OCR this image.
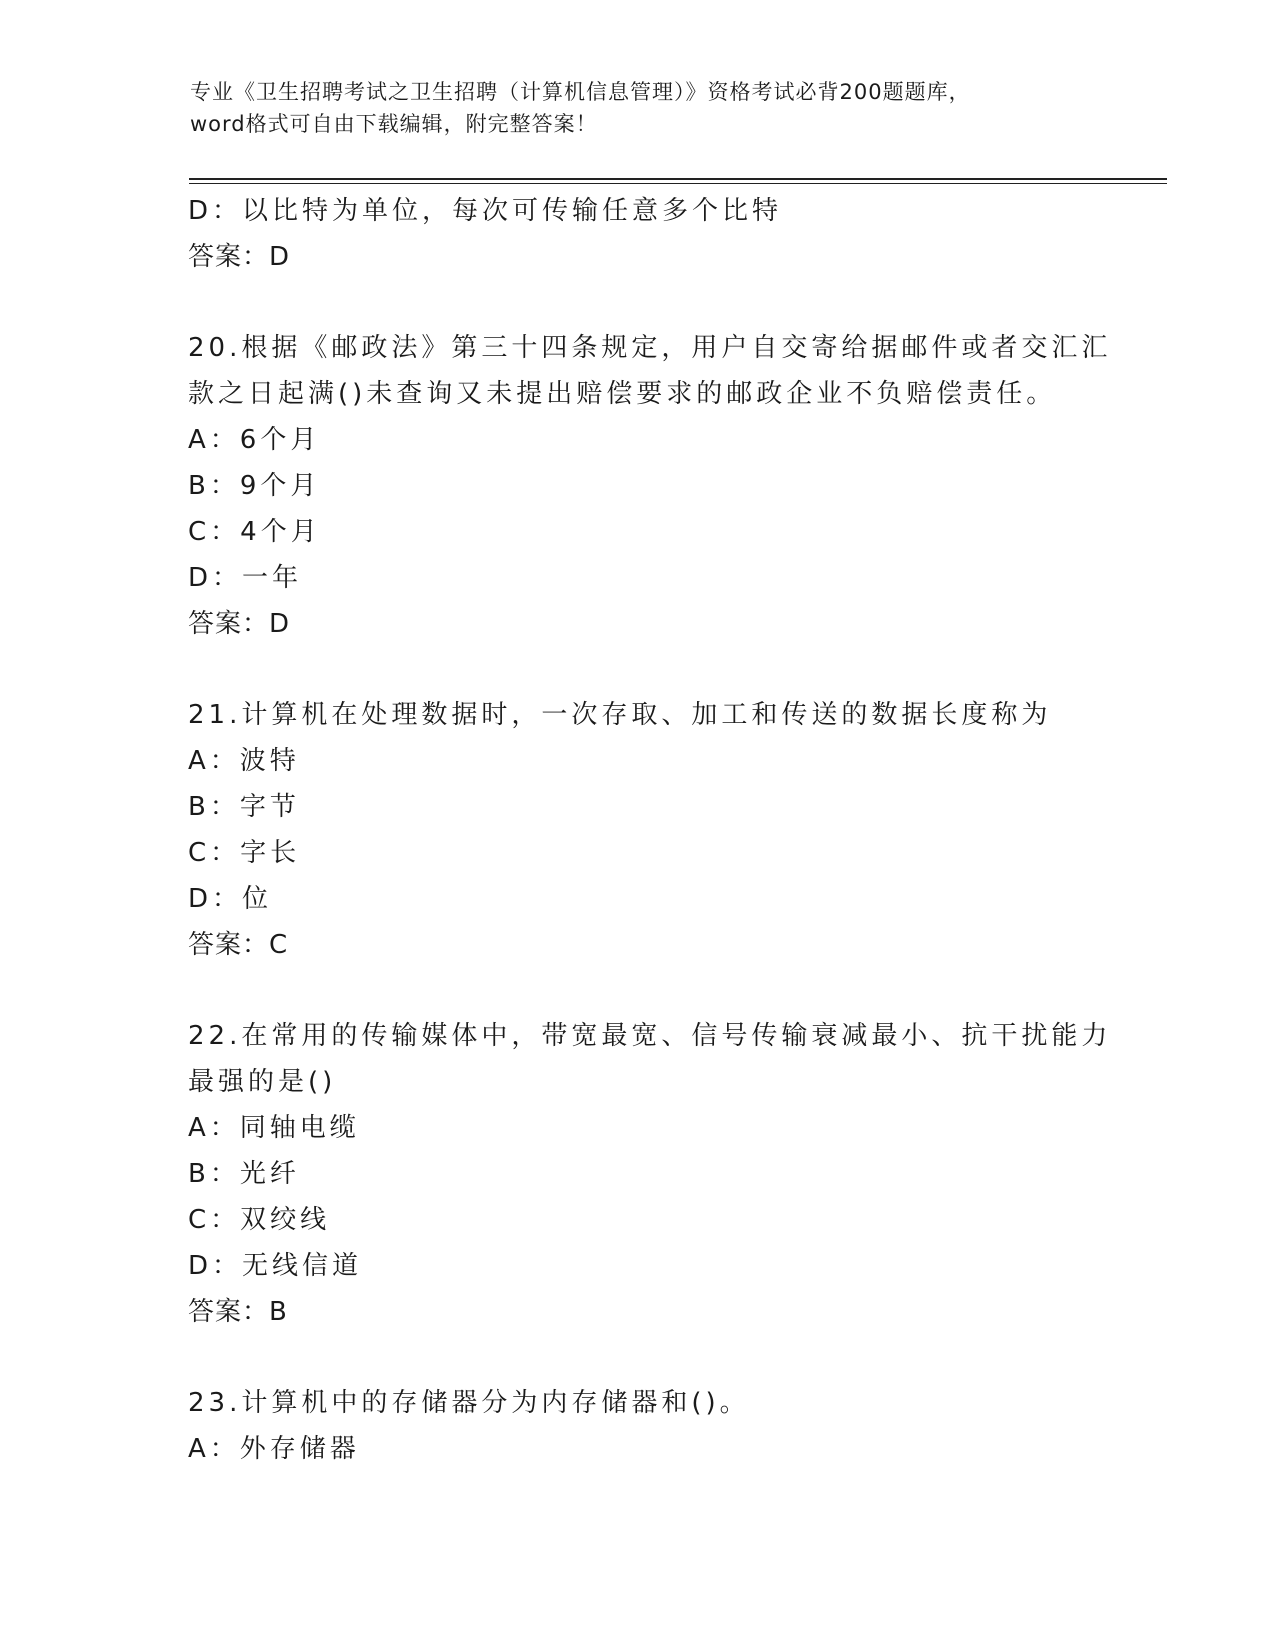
专业《卫生招聘考试之卫生招聘（计算机信息管理）》资格考试必背200题题库，
word格式可自由下载编辑，附完整答案！
D：以比特为单位，每次可传输任意多个比特
答案：D
20.根据《邮政法》第三十四条规定，用户自交寄给据邮件或者交汇汇
款之日起满()未查询又未提出赔偿要求的邮政企业不负赔偿责任。
A：6个月
B：9个月
C：4个月
D：一年
答案：D
21.计算机在处理数据时，一次存取、加工和传送的数据长度称为
A：波特
B：字节
C：字长
D：位
答案：C
22.在常用的传输媒体中，带宽最宽、信号传输衰减最小、抗干扰能力
最强的是()
A：同轴电缆
B：光纤
C：双绞线
D：无线信道
答案：B
23.计算机中的存储器分为内存储器和()。
A：外存储器
